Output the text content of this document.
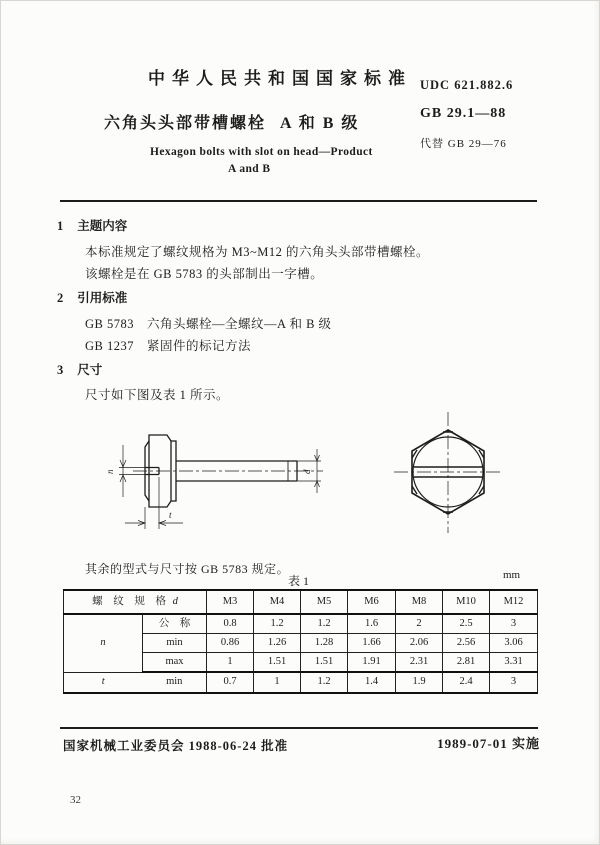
中华人民共和国国家标准 UDC 621.882.6
GB 29.1—88
代替 GB 29—76
六角头头部带槽螺栓 A 和 B 级
Hexagon bolts with slot on head—Product
A and B
1 主题内容
本标准规定了螺纹规格为 M3~M12 的六角头头部带槽螺栓。
该螺栓是在 GB 5783 的头部制出一字槽。
2 引用标准
GB 5783　六角头螺栓—全螺纹—A 和 B 级
GB 1237　紧固件的标记方法
3 尺寸
尺寸如下图及表 1 所示。
n
t
d
其余的型式与尺寸按 GB 5783 规定。
表 1	mm
螺 纹 规 格 d		M3	M4	M5	M6	M8	M10	M12
n	公　称	0.8	1.2	1.2	1.6	2	2.5	3
	min	0.86	1.26	1.28	1.66	2.06	2.56	3.06
	max	1	1.51	1.51	1.91	2.31	2.81	3.31
t	min	0.7	1	1.2	1.4	1.9	2.4	3
国家机械工业委员会 1988-06-24 批准	1989-07-01 实施
32
